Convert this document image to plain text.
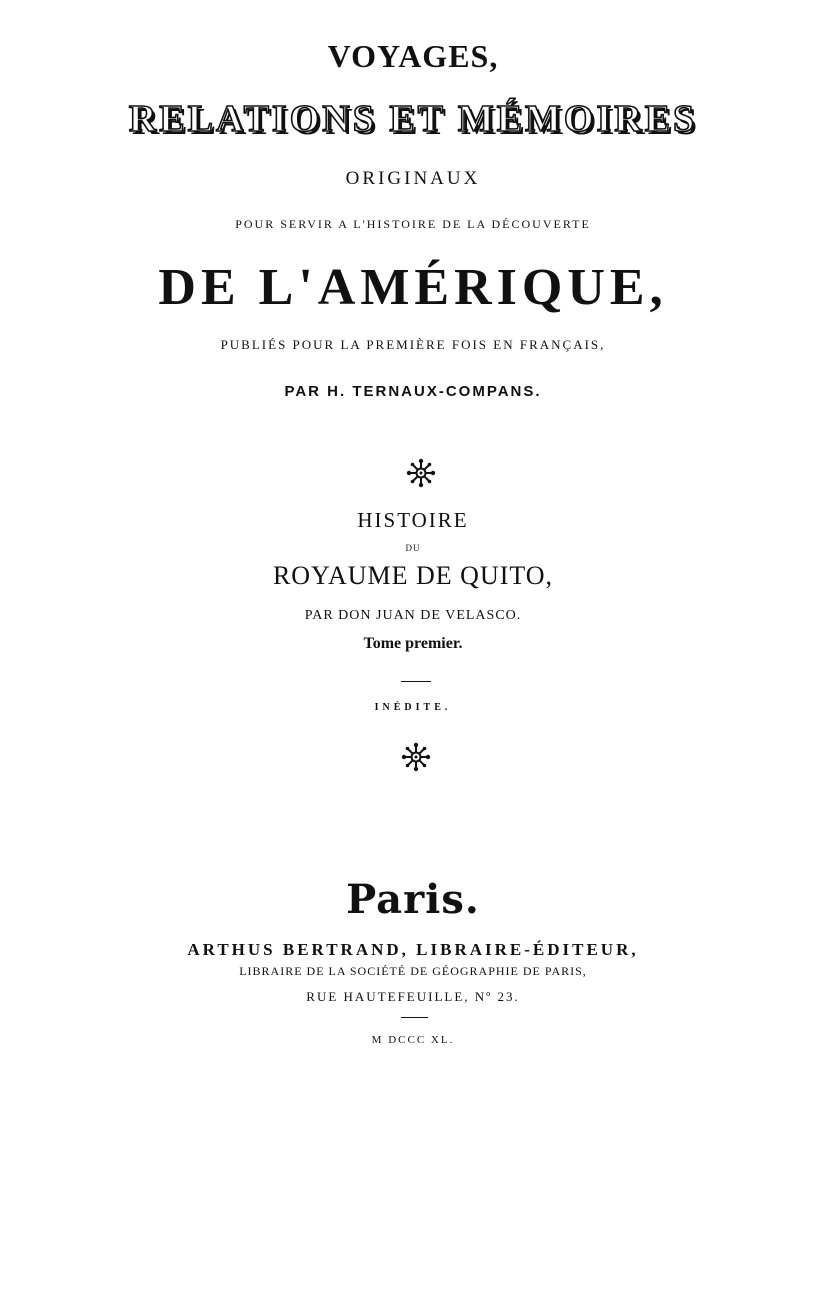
VOYAGES,
RELATIONS ET MÉMOIRES
ORIGINAUX
POUR SERVIR A L'HISTOIRE DE LA DÉCOUVERTE
DE L'AMÉRIQUE,
PUBLIÉS POUR LA PREMIÈRE FOIS EN FRANÇAIS,
PAR H. TERNAUX-COMPANS.
HISTOIRE
DU
ROYAUME DE QUITO,
PAR DON JUAN DE VELASCO.
Tome premier.
INÉDITE.
Paris.
ARTHUS BERTRAND, LIBRAIRE-ÉDITEUR,
LIBRAIRE DE LA SOCIÉTÉ DE GÉOGRAPHIE DE PARIS,
RUE HAUTEFEUILLE, Nº 23.
M DCCC XL.
